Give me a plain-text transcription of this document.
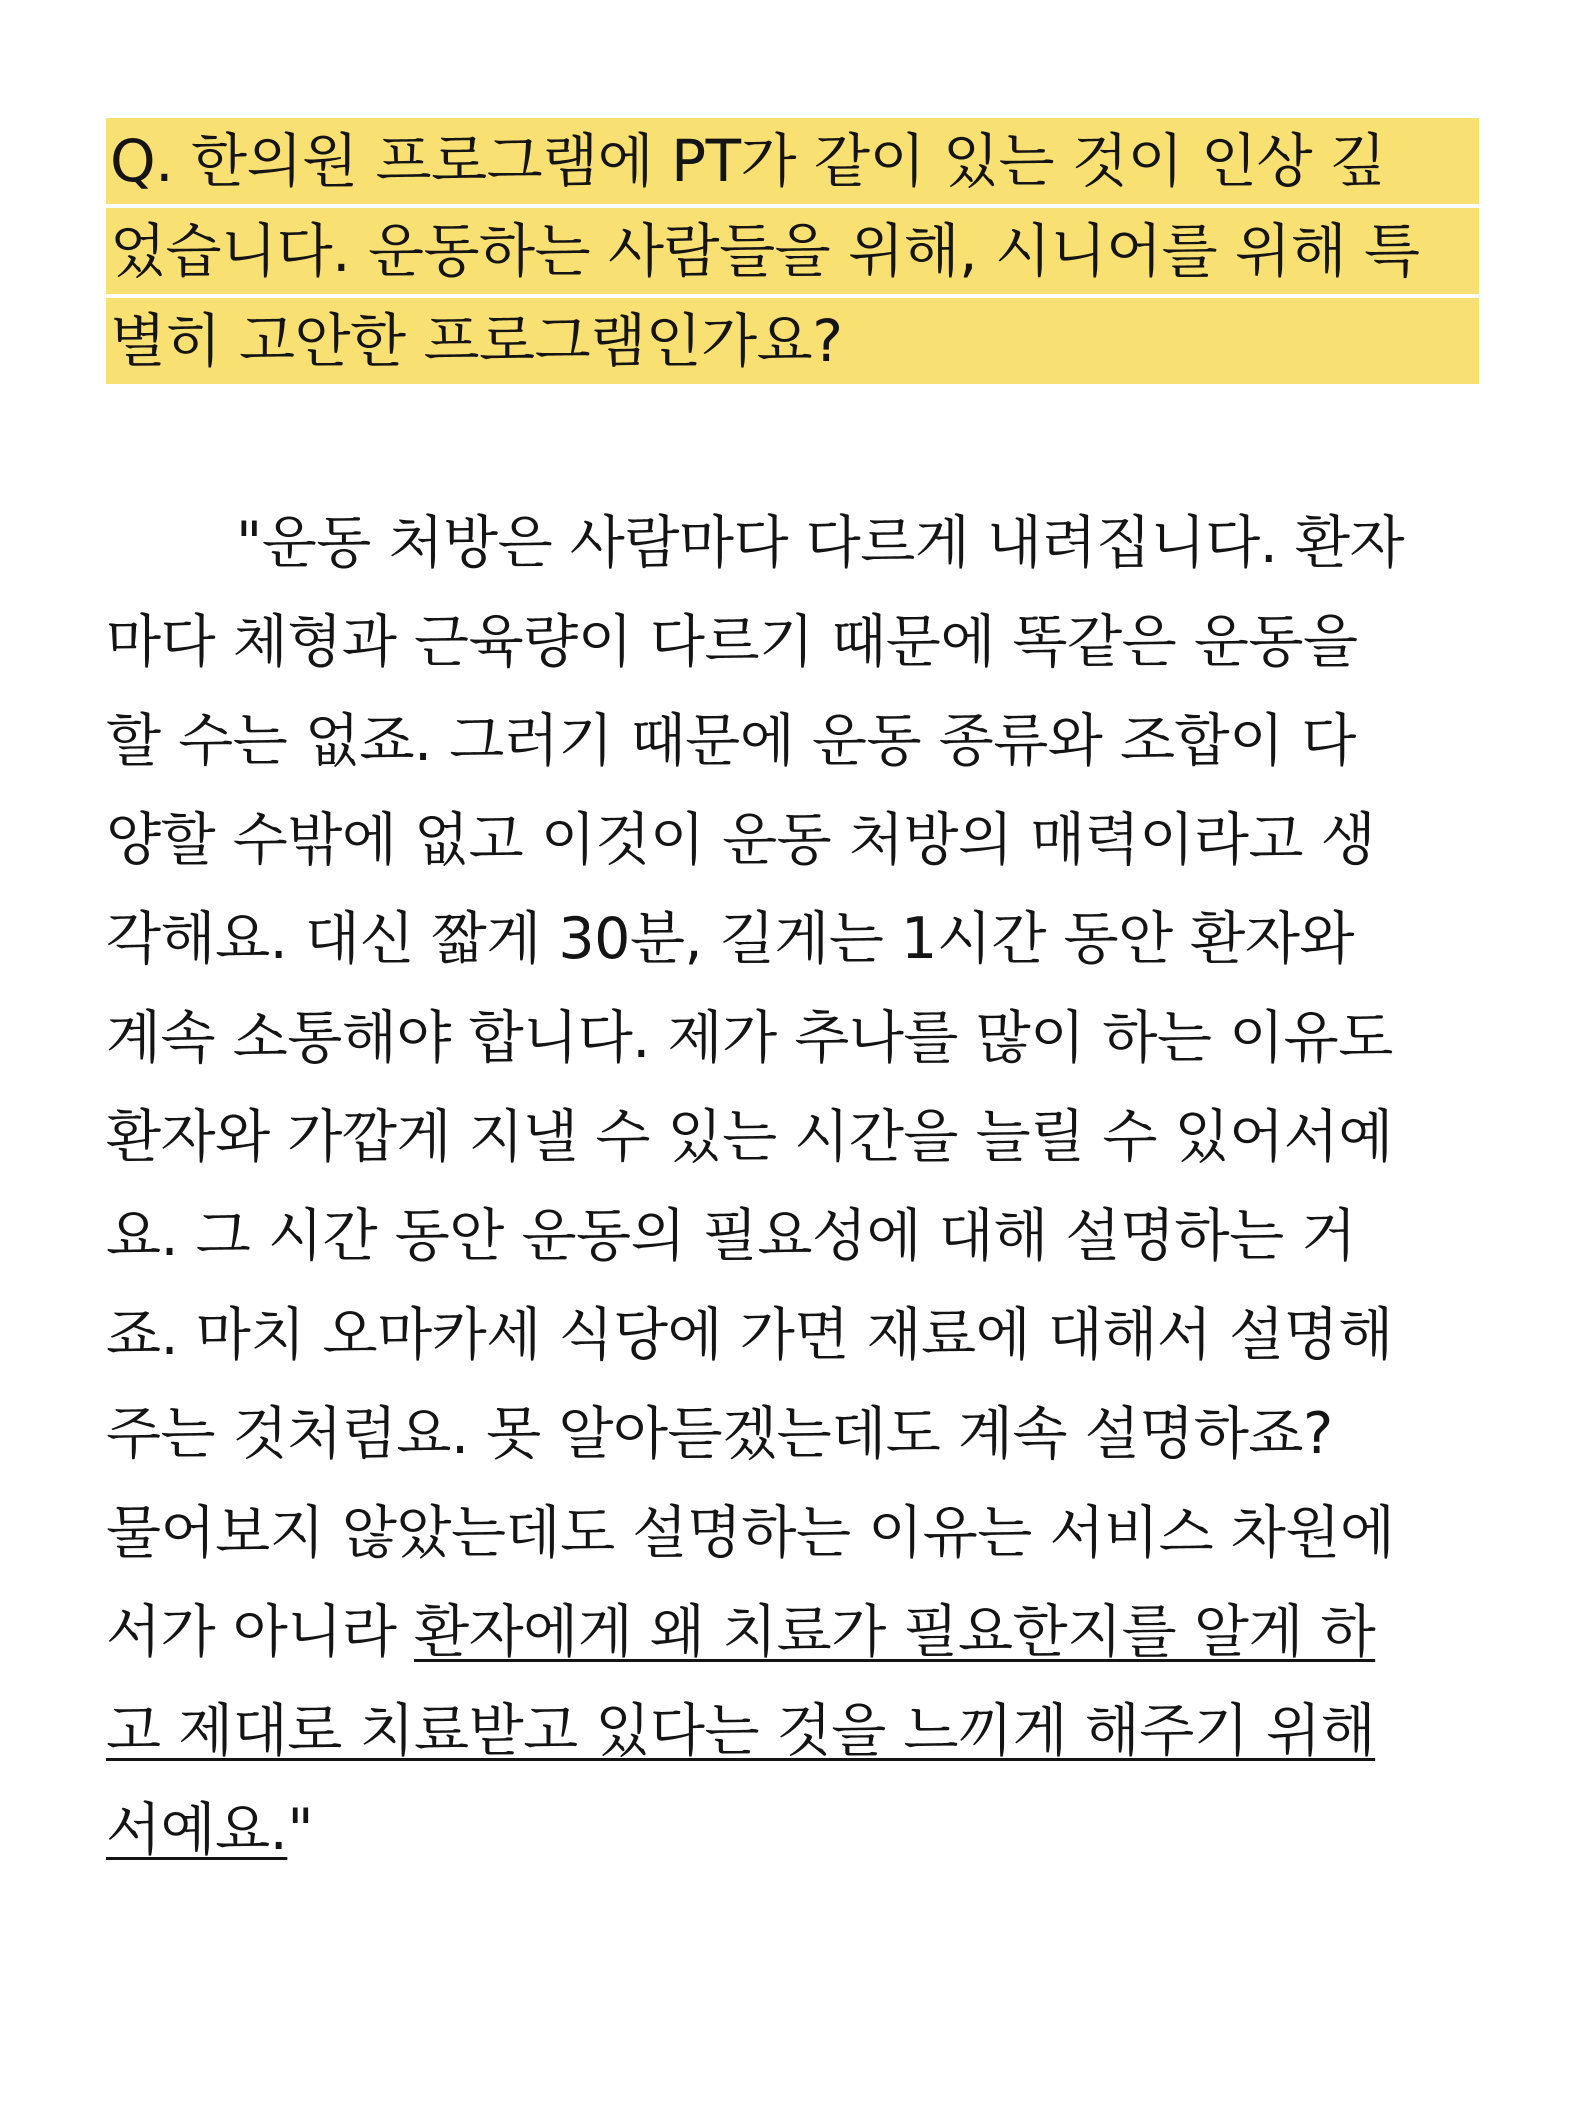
Q. 한의원 프로그램에 PT가 같이 있는 것이 인상 깊
었습니다. 운동하는 사람들을 위해, 시니어를 위해 특
별히 고안한 프로그램인가요?
"운동 처방은 사람마다 다르게 내려집니다. 환자
마다 체형과 근육량이 다르기 때문에 똑같은 운동을
할 수는 없죠. 그러기 때문에 운동 종류와 조합이 다
양할 수밖에 없고 이것이 운동 처방의 매력이라고 생
각해요. 대신 짧게 30분, 길게는 1시간 동안 환자와
계속 소통해야 합니다. 제가 추나를 많이 하는 이유도
환자와 가깝게 지낼 수 있는 시간을 늘릴 수 있어서예
요. 그 시간 동안 운동의 필요성에 대해 설명하는 거
죠. 마치 오마카세 식당에 가면 재료에 대해서 설명해
주는 것처럼요. 못 알아듣겠는데도 계속 설명하죠?
물어보지 않았는데도 설명하는 이유는 서비스 차원에
서가 아니라 환자에게 왜 치료가 필요한지를 알게 하
고 제대로 치료받고 있다는 것을 느끼게 해주기 위해
서예요."
